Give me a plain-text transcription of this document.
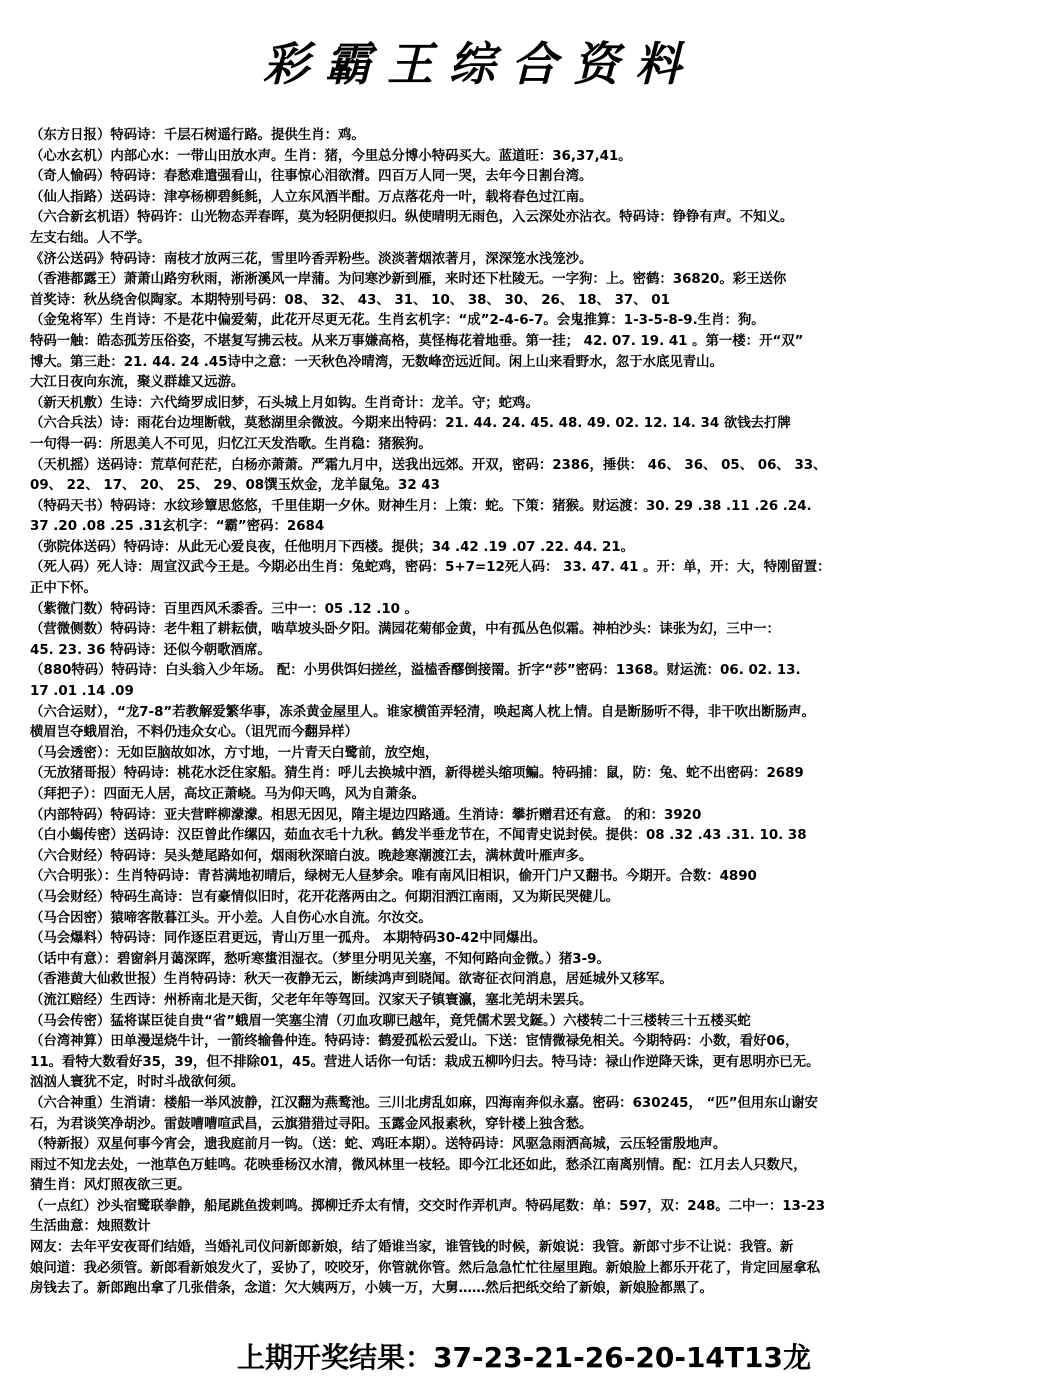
彩霸王综合资料
（东方日报）特码诗：千层石树遥行路。提供生肖：鸡。
（心水玄机）内部心水：一带山田放水声。生肖：猪，今里总分博小特码买大。蓝道旺：36,37,41。
（奇人愉码）特码诗：春愁难遣强看山，往事惊心泪欲潸。四百万人同一哭，去年今日割台湾。
（仙人指路）送码诗：津亭杨柳碧毵毵，人立东风酒半酣。万点落花舟一叶，载将春色过江南。
（六合新玄机语）特码许：山光物态弄春晖，莫为轻阴便拟归。纵使晴明无雨色，入云深处亦沾衣。特码诗：铮铮有声。不知义。
左支右绌。人不学。
《济公送码》特码诗：南枝才放两三花，雪里吟香弄粉些。淡淡著烟浓著月，深深笼水浅笼沙。
（香港都露王）萧萧山路穷秋雨，淅淅溪风一岸蒲。为问寒沙新到雁，来时还下杜陵无。一字狗：上。密鹤：36820。彩王送你
首奖诗：秋丛绕舍似陶家。本期特别号码：08、 32、 43、 31、 10、 38、 30、 26、 18、 37、 01
（金兔将军）生肖诗：不是花中偏爱菊，此花开尽更无花。生肖玄机字：“成”2-4-6-7。会鬼推算：1-3-5-8-9.生肖：狗。
特码一触：皓态孤芳压俗姿，不堪复写拂云枝。从来万事嫌高格，莫怪梅花着地垂。第一挂； 42. 07. 19. 41 。第一楼：开“双”
博大。第三赴：21. 44. 24 .45诗中之意：一天秋色冷晴湾，无数峰峦远近间。闲上山来看野水，忽于水底见青山。
大江日夜向东流，聚义群雄又远游。
（新天机敷）生诗：六代绮罗成旧梦，石头城上月如钩。生肖奇计：龙羊。守；蛇鸡。
（六合兵法）诗：雨花台边埋断戟，莫愁湖里余微波。今期来出特码：21. 44. 24. 45. 48. 49. 02. 12. 14. 34 欲钱去打牌
一句得一码：所思美人不可见，归忆江天发浩歌。生肖稳：猪猴狗。
（天机摇）送码诗：荒草何茫茫，白杨亦萧萧。严霜九月中，送我出远郊。开双，密码：2386，捶供： 46、 36、 05、 06、 33、
09、 22、 17、 20、 25、 29、08馔玉炊金，龙羊鼠兔。32 43
（特码天书）特码诗：水纹珍簟思悠悠，千里佳期一夕休。财神生月：上策：蛇。下策：猪猴。财运渡：30. 29 .38 .11 .26 .24.
37 .20 .08 .25 .31玄机字：“霸”密码：2684
（弥院体送码）特码诗：从此无心爱良夜，任他明月下西楼。提供；34 .42 .19 .07 .22. 44. 21。
（死人码）死人诗：周宣汉武今王是。今期必出生肖：兔蛇鸡，密码：5+7=12死人码： 33. 47. 41 。开：单，开：大，特刚留置：
正中下怀。
（紫微门数）特码诗：百里西风禾黍香。三中一：05 .12 .10 。
（营微侧数）特码诗：老牛粗了耕耘债，啮草坡头卧夕阳。满园花菊郁金黄，中有孤丛色似霜。神柏沙头：诔张为幻，三中一：
45. 23. 36 特码诗：还似今朝歌酒席。
（880特码）特码诗：白头翁入少年场。 配：小男供饵妇搓丝，溢榼香醪倒接罱。折字“莎”密码：1368。财运流：06. 02. 13.
17 .01 .14 .09
（六合运财），“龙7-8”若教解爱繁华事，冻杀黄金屋里人。谁家横笛弄轻清，唤起离人枕上情。自是断肠听不得，非干吹出断肠声。
横眉岂夺蛾眉治，不料仍违众女心。（诅咒而今翻异样）
（马会透密）：无如臣脑故如冰，方寸地，一片青天白鹭前，放空炮，
（无放猪哥报）特码诗：桃花水泛住家船。猜生肖：呼儿去换城中酒，新得槎头缩项鳊。特码捕：鼠，防：兔、蛇不出密码：2689
（拜把子）：四面无人居，高坟正萧峣。马为仰天鸣，风为自萧条。
（内部特码）特码诗：亚夫营畔柳濛濛。相思无因见，隋主堤边四路通。生消诗：攀折赠君还有意。 的和：3920
（白小蝎传密）送码诗：汉臣曾此作缧囚，茹血衣毛十九秋。鹤发半垂龙节在，不闻青史说封侯。提供：08 .32 .43 .31. 10. 38
（六合财经）特码诗：吴头楚尾路如何，烟雨秋深暗白波。晚趁寒潮渡江去，满林黄叶雁声多。
（六合明张）：生肖特码诗：青苔满地初晴后，绿树无人昼梦余。唯有南风旧相识，偷开门户又翻书。今期开。合数：4890
（马会财经）特码生高诗：岂有豪情似旧时，花开花落两由之。何期泪洒江南雨，又为斯民哭健儿。
（马合因密）猿啼客散暮江头。开小差。人自伤心水自流。尔汝交。
（马会爆料）特码诗：同作逐臣君更远，青山万里一孤舟。 本期特码30-42中同爆出。
（话中有意）：碧窗斜月蔼深晖，愁听寒螀泪湿衣。（梦里分明见关塞，不知何路向金微。）猪3-9。
（香港黄大仙救世报）生肖特码诗：秋天一夜静无云，断续鸿声到晓闻。欲寄征衣问消息，居延城外又移军。
（流江赔经）生西诗：州桥南北是天街，父老年年等驾回。汉家天子镇寰瀛，塞北羌胡未罢兵。
（马会传密）猛将谋臣徒自贵“省”蛾眉一笑塞尘清（刃血攻聊已越年，竟凭儒术罢戈鋋。）六楼转二十三楼转三十五楼买蛇
（台湾神算）田单漫逞烧牛计，一箭终输鲁仲连。特码诗：鹤爱孤松云爱山。下送：宦情微禄免相关。今期特码：小数，看好06，
11。看特大数看好35，39，但不排除01，45。营进人话你一句话：栽成五柳吟归去。特马诗：禄山作逆降天诛，更有思明亦已无。
汹汹人寰犹不定，时时斗战欲何须。
（六合神重）生消请：楼船一举风波静，江汉翻为燕鹜池。三川北虏乱如麻，四海南奔似永嘉。密码：630245， “匹”但用东山谢安
石，为君谈笑净胡沙。雷鼓嘈嘈喧武昌，云旗猎猎过寻阳。玉露金风报素秋，穿针楼上独含愁。
（特新报）双星何事今宵会，遗我庭前月一钩。（送：蛇、鸡旺本期）。送特码诗：风驱急雨洒高城，云压轻雷殷地声。
雨过不知龙去处，一池草色万蛙鸣。花映垂杨汉水清，微风林里一枝轻。即今江北还如此，愁杀江南离别情。配：江月去人只数尺，
猜生肖：风灯照夜欲三更。
（一点红）沙头宿鹭联拳静，船尾跳鱼拨剌鸣。掷柳迁乔太有情，交交时作弄机声。特码尾数：单：597，双：248。二中一：13-23
生活曲意：烛照数计
网友：去年平安夜哥们结婚，当婚礼司仪问新郎新娘，结了婚谁当家，谁管钱的时候，新娘说：我管。新郎寸步不让说：我管。新
娘问道：我必须管。新郎看新娘发火了，妥协了，咬咬牙，你管就你管。然后急急忙忙往屋里跑。新娘脸上都乐开花了，肯定回屋拿私
房钱去了。新郎跑出拿了几张借条，念道：欠大姨两万，小姨一万，大舅……然后把纸交给了新娘，新娘脸都黑了。
上期开奖结果：37-23-21-26-20-14T13龙
